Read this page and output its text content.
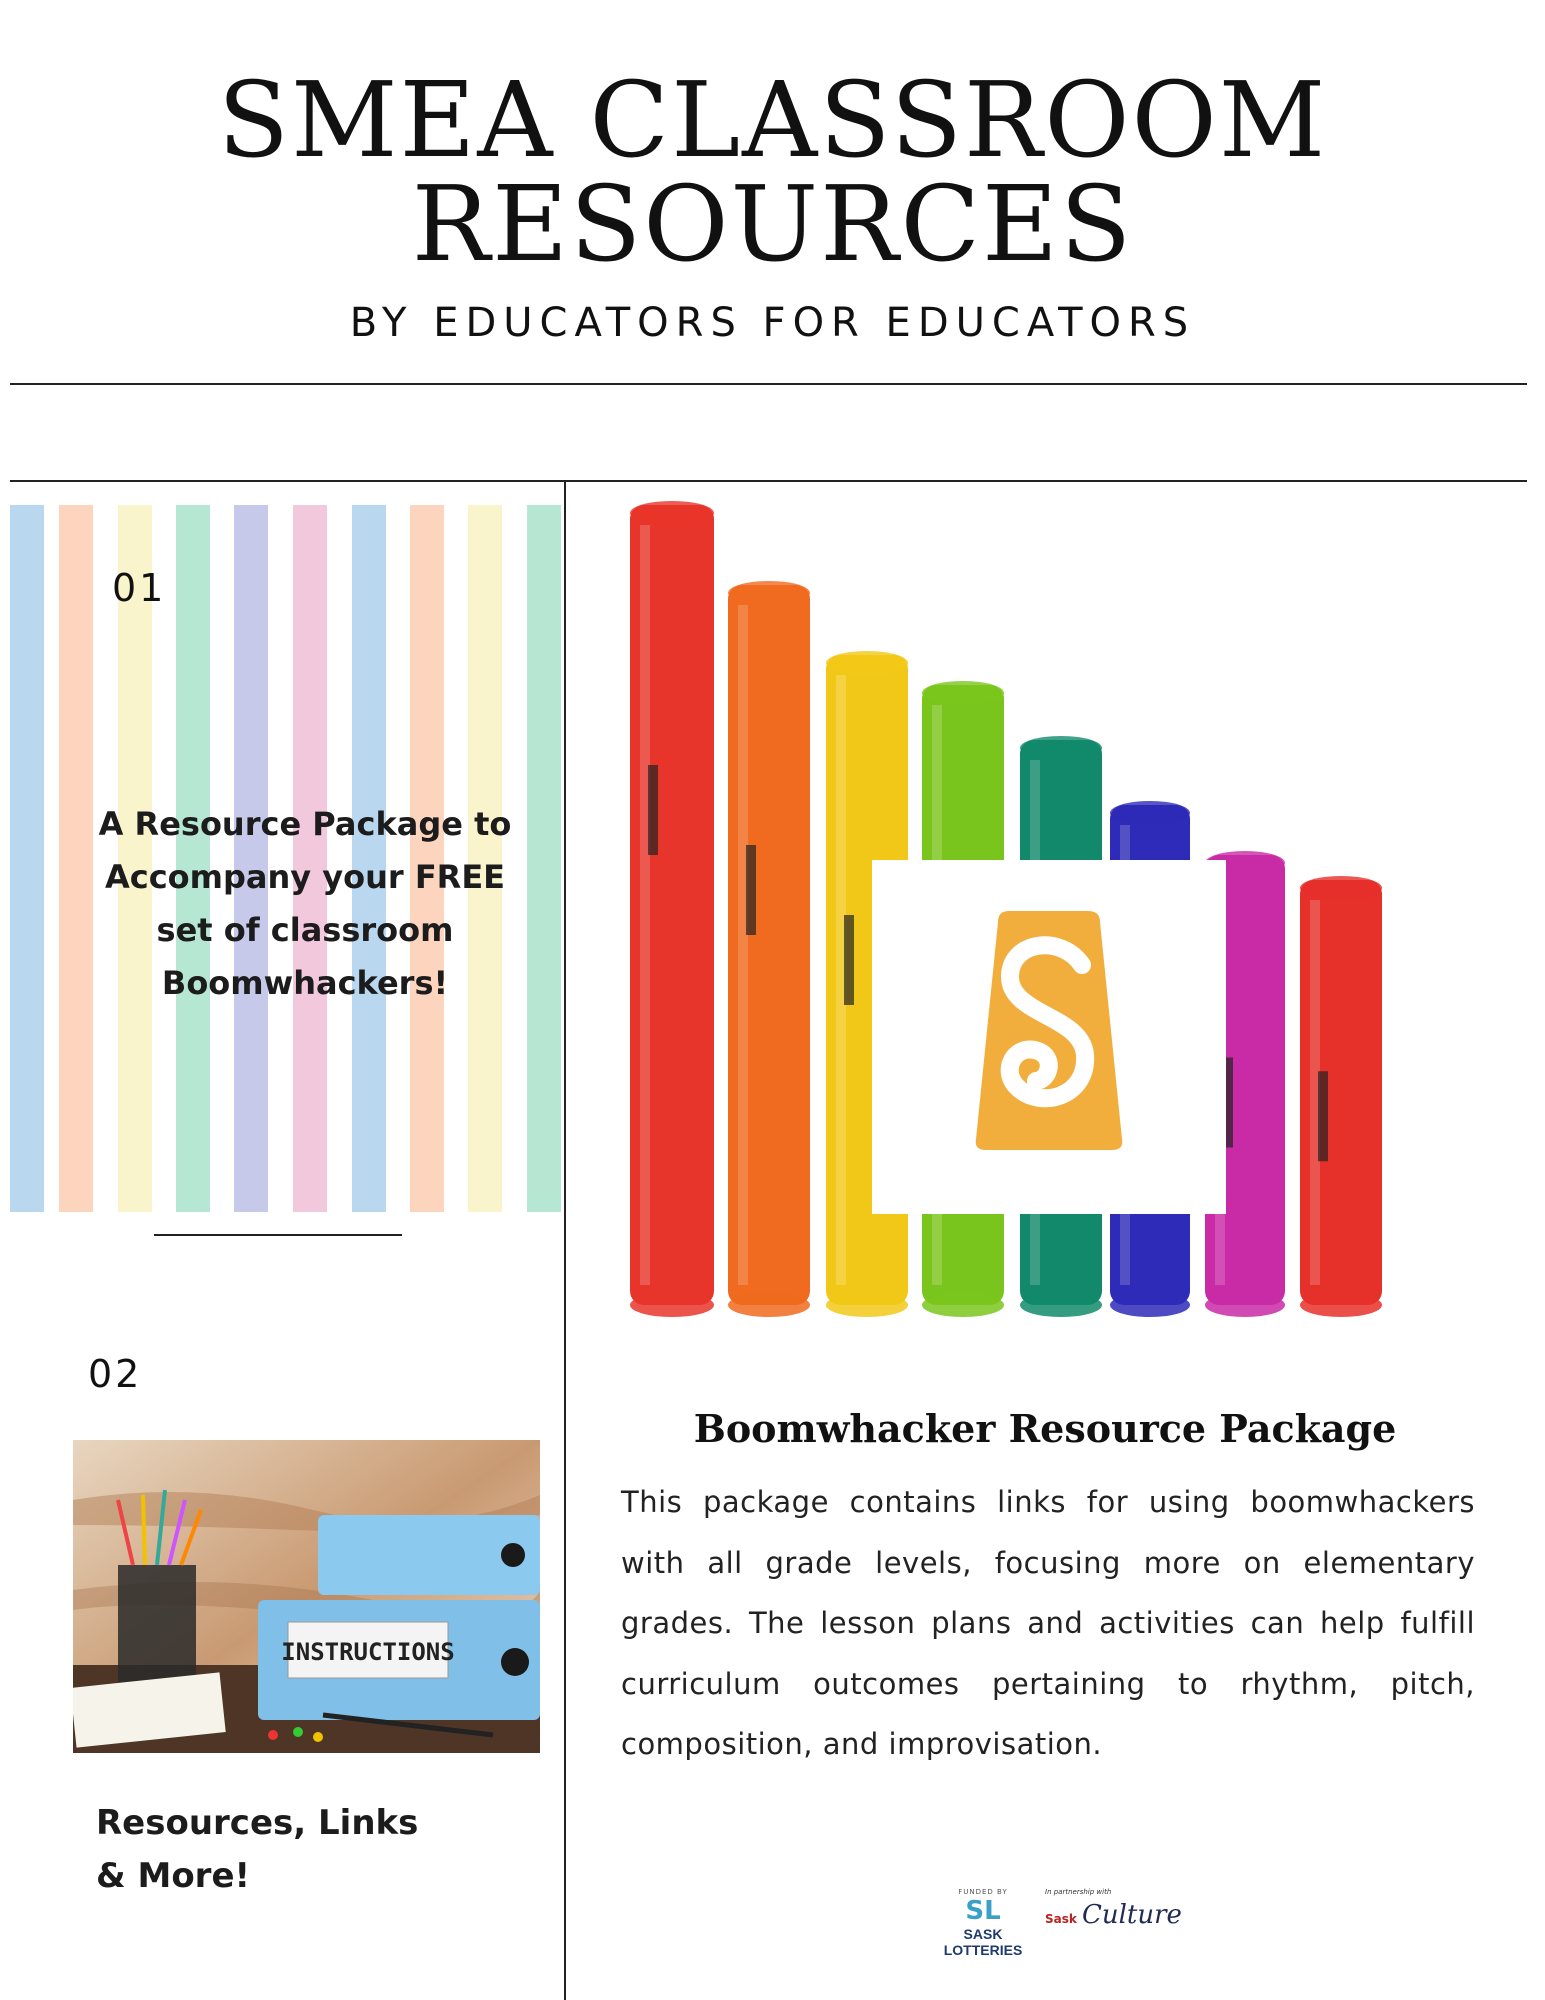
SMEA CLASSROOM
RESOURCES
BY EDUCATORS FOR EDUCATORS
01
A Resource Package to
Accompany your FREE
set of classroom
Boomwhackers!
02
INSTRUCTIONS
Resources, Links
& More!
Boomwhacker Resource Package
This package contains links for using boomwhackers with all grade levels, focusing more on elementary grades. The lesson plans and activities can help fulfill curriculum outcomes pertaining to rhythm, pitch, composition, and improvisation.
FUNDED BY
SL
SASK LOTTERIES
In partnership with
Sask Culture
